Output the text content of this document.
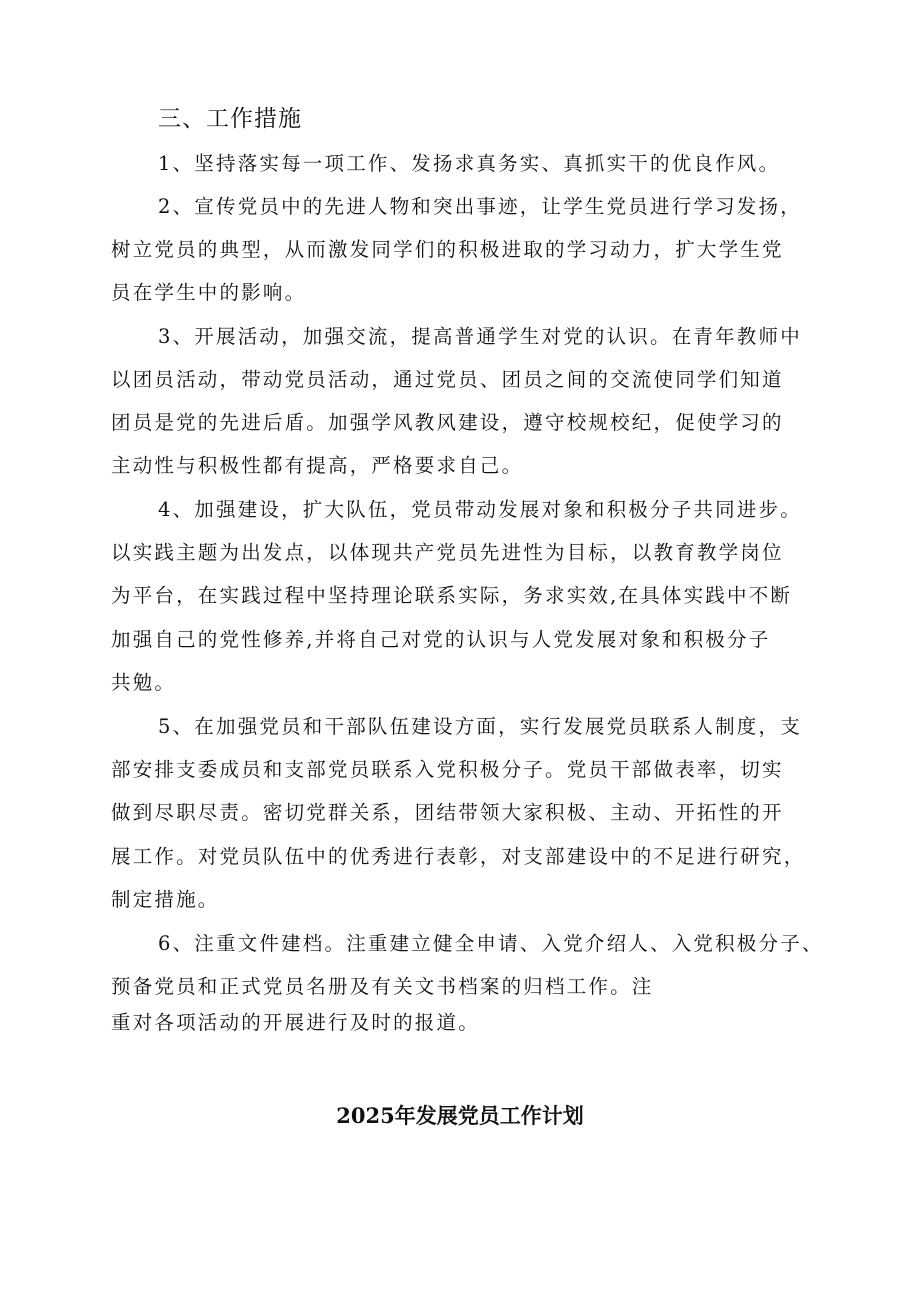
三、工作措施
1、坚持落实每一项工作、发扬求真务实、真抓实干的优良作风。
2、宣传党员中的先进人物和突出事迹，让学生党员进行学习发扬，
树立党员的典型，从而激发同学们的积极进取的学习动力，扩大学生党
员在学生中的影响。
3、开展活动，加强交流，提高普通学生对党的认识。在青年教师中
以团员活动，带动党员活动，通过党员、团员之间的交流使同学们知道
团员是党的先进后盾。加强学风教风建设，遵守校规校纪，促使学习的
主动性与积极性都有提高，严格要求自己。
4、加强建设，扩大队伍，党员带动发展对象和积极分子共同进步。
以实践主题为出发点，以体现共产党员先进性为目标，以教育教学岗位
为平台，在实践过程中坚持理论联系实际，务求实效,在具体实践中不断
加强自己的党性修养,并将自己对党的认识与人党发展对象和积极分子
共勉。
5、在加强党员和干部队伍建设方面，实行发展党员联系人制度，支
部安排支委成员和支部党员联系入党积极分子。党员干部做表率，切实
做到尽职尽责。密切党群关系，团结带领大家积极、主动、开拓性的开
展工作。对党员队伍中的优秀进行表彰，对支部建设中的不足进行研究，
制定措施。
6、注重文件建档。注重建立健全申请、入党介绍人、入党积极分子、
预备党员和正式党员名册及有关文书档案的归档工作。注
重对各项活动的开展进行及时的报道。
2025年发展党员工作计划
